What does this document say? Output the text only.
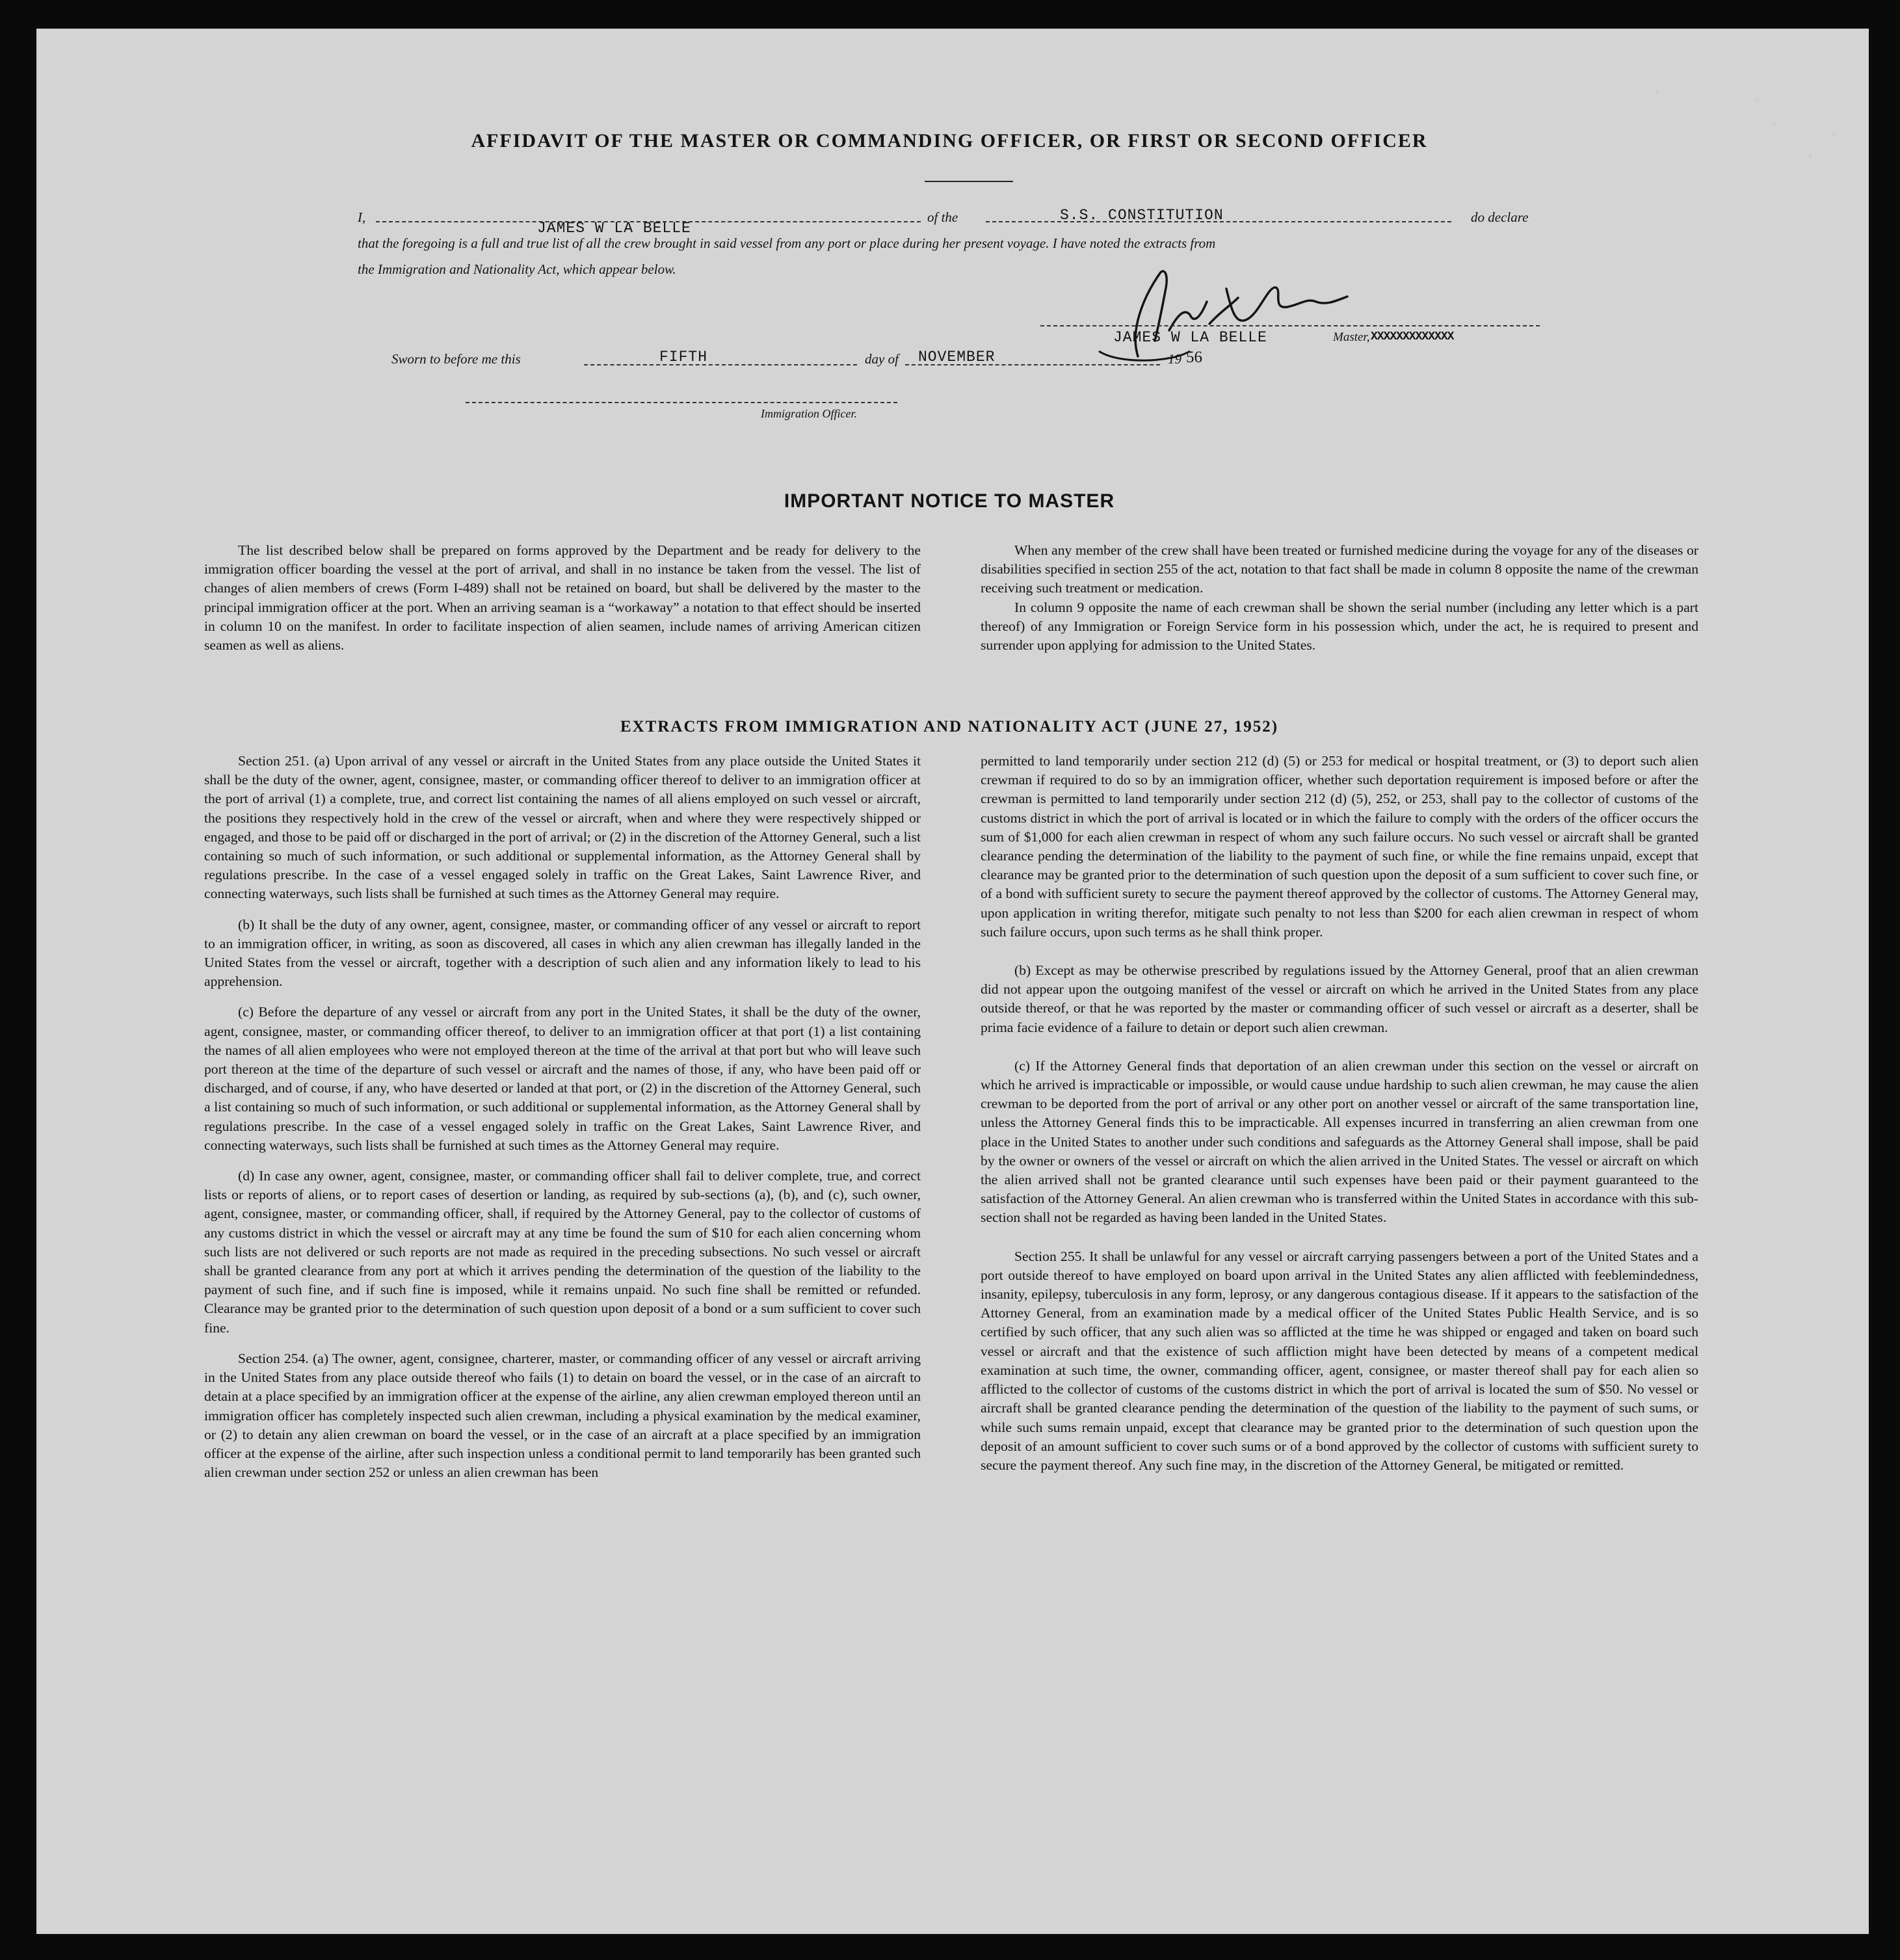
AFFIDAVIT OF THE MASTER OR COMMANDING OFFICER, OR FIRST OR SECOND OFFICER
I,
JAMES W LA BELLE
of the	S.S. CONSTITUTION	do declare
that the foregoing is a full and true list of all the crew brought in said vessel from any port or place during her present voyage. I have noted the extracts from
the Immigration and Nationality Act, which appear below.
JAMES W LA BELLE	Master, XXXXXXXXXXXXX
Sworn to before me this	FIFTH	day of NOVEMBER	19 56
Immigration Officer.
IMPORTANT NOTICE TO MASTER

The list described below shall be prepared on forms approved by the Department and be ready for delivery to the immigration officer boarding the vessel at the port of arrival, and shall in no instance be taken from the vessel. The list of changes of alien members of crews (Form I-489) shall not be retained on board, but shall be delivered by the master to the principal immigration officer at the port. When an arriving seaman is a “workaway” a notation to that effect should be inserted in column 10 on the manifest. In order to facilitate inspection of alien seamen, include names of arriving American citizen seamen as well as aliens.

When any member of the crew shall have been treated or furnished medicine during the voyage for any of the diseases or disabilities specified in section 255 of the act, notation to that fact shall be made in column 8 opposite the name of the crewman receiving such treatment or medication.

In column 9 opposite the name of each crewman shall be shown the serial number (including any letter which is a part thereof) of any Immigration or Foreign Service form in his possession which, under the act, he is required to present and surrender upon applying for admission to the United States.

EXTRACTS FROM IMMIGRATION AND NATIONALITY ACT (JUNE 27, 1952)

Section 251. (a) Upon arrival of any vessel or aircraft in the United States from any place outside the United States it shall be the duty of the owner, agent, consignee, master, or commanding officer thereof to deliver to an immigration officer at the port of arrival (1) a complete, true, and correct list containing the names of all aliens employed on such vessel or aircraft, the positions they respectively hold in the crew of the vessel or aircraft, when and where they were respectively shipped or engaged, and those to be paid off or discharged in the port of arrival; or (2) in the discretion of the Attorney General, such a list containing so much of such information, or such additional or supplemental information, as the Attorney General shall by regulations prescribe. In the case of a vessel engaged solely in traffic on the Great Lakes, Saint Lawrence River, and connecting waterways, such lists shall be furnished at such times as the Attorney General may require.

(b) It shall be the duty of any owner, agent, consignee, master, or commanding officer of any vessel or aircraft to report to an immigration officer, in writing, as soon as discovered, all cases in which any alien crewman has illegally landed in the United States from the vessel or aircraft, together with a description of such alien and any information likely to lead to his apprehension.

(c) Before the departure of any vessel or aircraft from any port in the United States, it shall be the duty of the owner, agent, consignee, master, or commanding officer thereof, to deliver to an immigration officer at that port (1) a list containing the names of all alien employees who were not employed thereon at the time of the arrival at that port but who will leave such port thereon at the time of the departure of such vessel or aircraft and the names of those, if any, who have been paid off or discharged, and of course, if any, who have deserted or landed at that port, or (2) in the discretion of the Attorney General, such a list containing so much of such information, or such additional or supplemental information, as the Attorney General shall by regulations prescribe. In the case of a vessel engaged solely in traffic on the Great Lakes, Saint Lawrence River, and connecting waterways, such lists shall be furnished at such times as the Attorney General may require.

(d) In case any owner, agent, consignee, master, or commanding officer shall fail to deliver complete, true, and correct lists or reports of aliens, or to report cases of desertion or landing, as required by sub-sections (a), (b), and (c), such owner, agent, consignee, master, or commanding officer, shall, if required by the Attorney General, pay to the collector of customs of any customs district in which the vessel or aircraft may at any time be found the sum of $10 for each alien concerning whom such lists are not delivered or such reports are not made as required in the preceding subsections. No such vessel or aircraft shall be granted clearance from any port at which it arrives pending the determination of the question of the liability to the payment of such fine, and if such fine is imposed, while it remains unpaid. No such fine shall be remitted or refunded. Clearance may be granted prior to the determination of such question upon deposit of a bond or a sum sufficient to cover such fine.

Section 254. (a) The owner, agent, consignee, charterer, master, or commanding officer of any vessel or aircraft arriving in the United States from any place outside thereof who fails (1) to detain on board the vessel, or in the case of an aircraft to detain at a place specified by an immigration officer at the expense of the airline, any alien crewman employed thereon until an immigration officer has completely inspected such alien crewman, including a physical examination by the medical examiner, or (2) to detain any alien crewman on board the vessel, or in the case of an aircraft at a place specified by an immigration officer at the expense of the airline, after such inspection unless a conditional permit to land temporarily has been granted such alien crewman under section 252 or unless an alien crewman has been

permitted to land temporarily under section 212 (d) (5) or 253 for medical or hospital treatment, or (3) to deport such alien crewman if required to do so by an immigration officer, whether such deportation requirement is imposed before or after the crewman is permitted to land temporarily under section 212 (d) (5), 252, or 253, shall pay to the collector of customs of the customs district in which the port of arrival is located or in which the failure to comply with the orders of the officer occurs the sum of $1,000 for each alien crewman in respect of whom any such failure occurs. No such vessel or aircraft shall be granted clearance pending the determination of the liability to the payment of such fine, or while the fine remains unpaid, except that clearance may be granted prior to the determination of such question upon the deposit of a sum sufficient to cover such fine, or of a bond with sufficient surety to secure the payment thereof approved by the collector of customs. The Attorney General may, upon application in writing therefor, mitigate such penalty to not less than $200 for each alien crewman in respect of whom such failure occurs, upon such terms as he shall think proper.

(b) Except as may be otherwise prescribed by regulations issued by the Attorney General, proof that an alien crewman did not appear upon the outgoing manifest of the vessel or aircraft on which he arrived in the United States from any place outside thereof, or that he was reported by the master or commanding officer of such vessel or aircraft as a deserter, shall be prima facie evidence of a failure to detain or deport such alien crewman.

(c) If the Attorney General finds that deportation of an alien crewman under this section on the vessel or aircraft on which he arrived is impracticable or impossible, or would cause undue hardship to such alien crewman, he may cause the alien crewman to be deported from the port of arrival or any other port on another vessel or aircraft of the same transportation line, unless the Attorney General finds this to be impracticable. All expenses incurred in transferring an alien crewman from one place in the United States to another under such conditions and safeguards as the Attorney General shall impose, shall be paid by the owner or owners of the vessel or aircraft on which the alien arrived in the United States. The vessel or aircraft on which the alien arrived shall not be granted clearance until such expenses have been paid or their payment guaranteed to the satisfaction of the Attorney General. An alien crewman who is transferred within the United States in accordance with this sub-section shall not be regarded as having been landed in the United States.

Section 255. It shall be unlawful for any vessel or aircraft carrying passengers between a port of the United States and a port outside thereof to have employed on board upon arrival in the United States any alien afflicted with feeblemindedness, insanity, epilepsy, tuberculosis in any form, leprosy, or any dangerous contagious disease. If it appears to the satisfaction of the Attorney General, from an examination made by a medical officer of the United States Public Health Service, and is so certified by such officer, that any such alien was so afflicted at the time he was shipped or engaged and taken on board such vessel or aircraft and that the existence of such affliction might have been detected by means of a competent medical examination at such time, the owner, commanding officer, agent, consignee, or master thereof shall pay for each alien so afflicted to the collector of customs of the customs district in which the port of arrival is located the sum of $50. No vessel or aircraft shall be granted clearance pending the determination of the question of the liability to the payment of such sums, or while such sums remain unpaid, except that clearance may be granted prior to the determination of such question upon the deposit of an amount sufficient to cover such sums or of a bond approved by the collector of customs with sufficient surety to secure the payment thereof. Any such fine may, in the discretion of the Attorney General, be mitigated or remitted.
